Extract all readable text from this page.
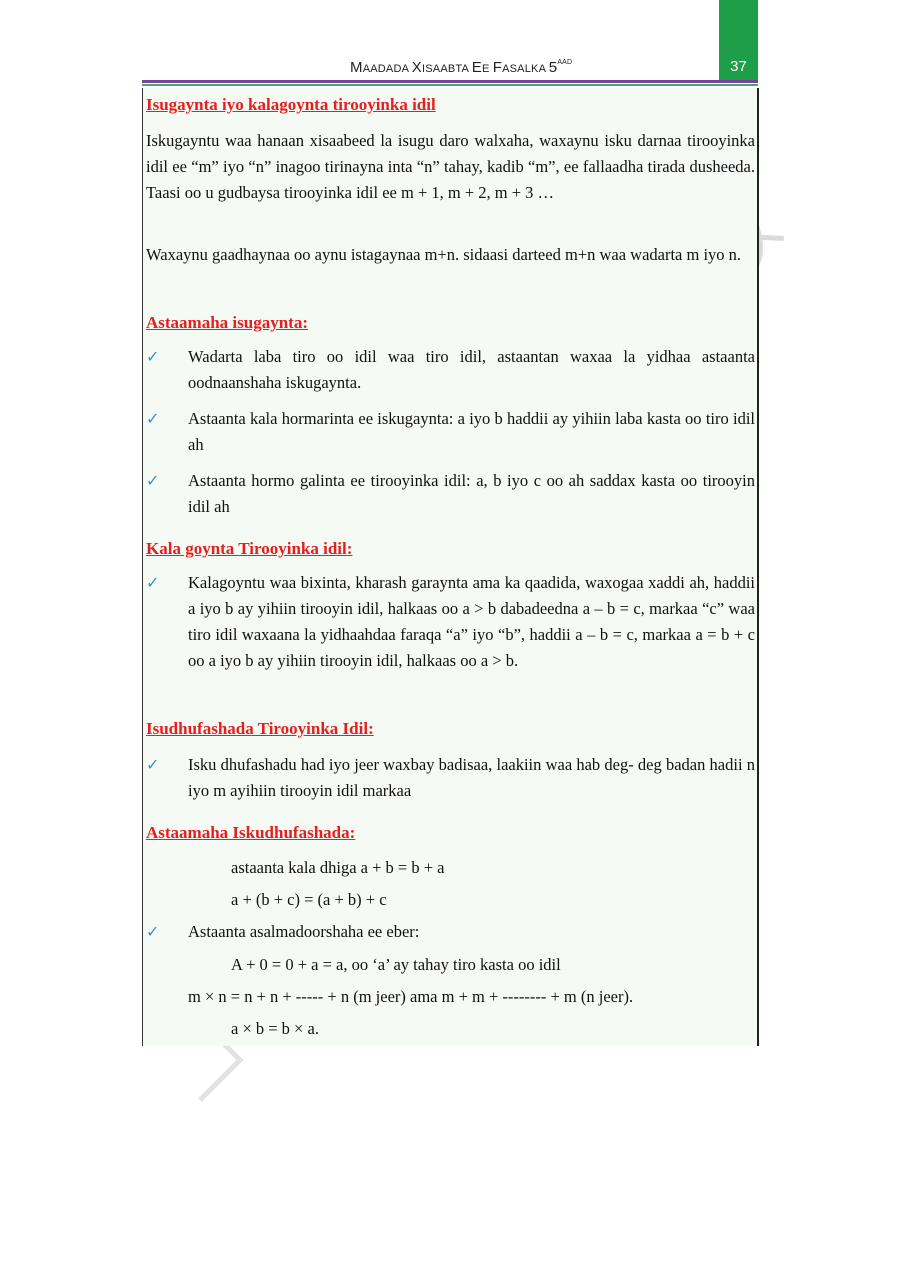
37
MAADADA XISAABTA EE FASALKA $5^{AAD}$

Isugaynta iyo kalagoynta tirooyinka idil

Iskugayntu waa hanaan xisaabeed la isugu daro walxaha, waxaynu isku darnaa tirooyinka idil ee “m” iyo “n” inagoo tirinayna inta “n” tahay, kadib “m”, ee fallaadha tirada dusheeda. Taasi oo u gudbaysa tirooyinka idil ee m + 1, m + 2, m + 3 …

Waxaynu gaadhaynaa oo aynu istagaynaa m+n. sidaasi darteed m+n waa wadarta m iyo n.

Astaamaha isugaynta:

✓	Wadarta laba tiro oo idil waa tiro idil, astaantan waxaa la yidhaa astaanta oodnaanshaha iskugaynta.
✓	Astaanta kala hormarinta ee iskugaynta: a iyo b haddii ay yihiin laba kasta oo tiro idil ah
✓	Astaanta hormo galinta ee tirooyinka idil: a, b iyo c oo ah saddax kasta oo tirooyin idil ah

Kala goynta Tirooyinka idil:

✓	Kalagoyntu waa bixinta, kharash garaynta ama ka qaadida, waxogaa xaddi ah, haddii a iyo b ay yihiin tirooyin idil, halkaas oo a > b dabadeedna a – b = c, markaa “c” waa tiro idil waxaana la yidhaahdaa faraqa “a” iyo “b”, haddii a – b = c, markaa a = b + c oo a iyo b ay yihiin tirooyin idil, halkaas oo a > b.

Isudhufashada Tirooyinka Idil:

✓	Isku dhufashadu had iyo jeer waxbay badisaa, laakiin waa hab deg- deg badan hadii n iyo m ayihiin tirooyin idil markaa

Astaamaha Iskudhufashada:

astaanta kala dhiga a + b = b + a

a + (b + c) = (a + b) + c

✓	Astaanta asalmadoorshaha ee eber:

A + 0 = 0 + a = a, oo ‘a’ ay tahay tiro kasta oo idil

m × n = n + n + ----- + n (m jeer) ama m + m + -------- + m (n jeer).

a × b = b × a.
